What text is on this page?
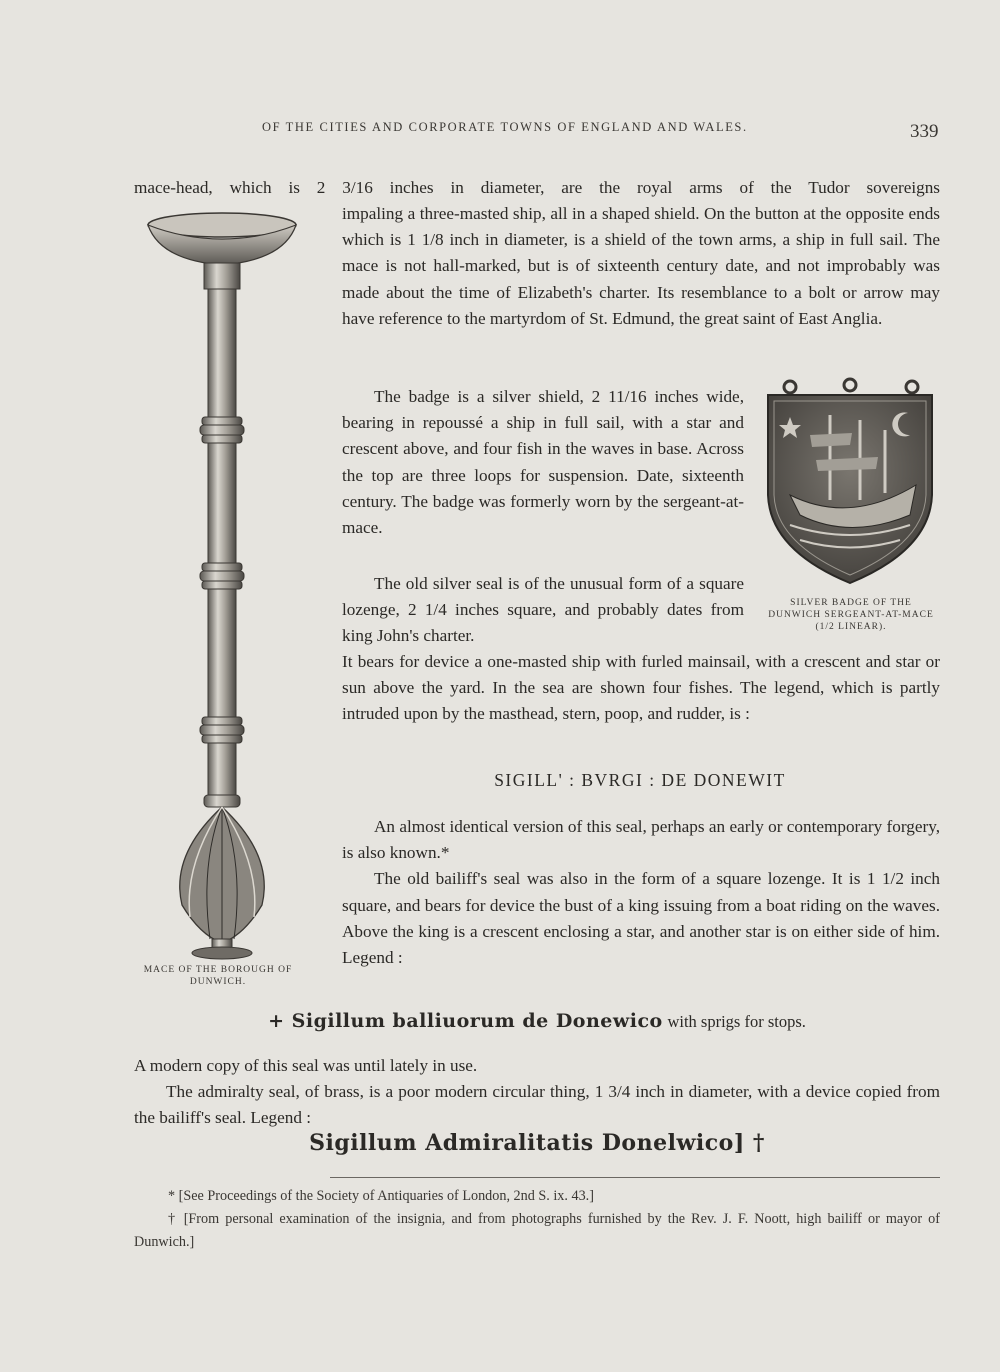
OF THE CITIES AND CORPORATE TOWNS OF ENGLAND AND WALES.	339
mace-head, which is 2 3/16 inches in diameter, are the royal arms of the Tudor sovereigns
impaling a three-masted ship, all in a shaped shield. On the button at the opposite ends which is 1 1/8 inch in diameter, is a shield of the town arms, a ship in full sail. The mace is not hall-marked, but is of sixteenth century date, and not improbably was made about the time of Elizabeth's charter. Its resemblance to a bolt or arrow may have reference to the martyrdom of St. Edmund, the great saint of East Anglia.

The badge is a silver shield, 2 11/16 inches wide, bearing in repoussé a ship in full sail, with a star and crescent above, and four fish in the waves in base. Across the top are three loops for suspension. Date, sixteenth century. The badge was formerly worn by the sergeant-at-mace.

The old silver seal is of the unusual form of a square lozenge, 2 1/4 inches square, and probably dates from king John's charter.

It bears for device a one-masted ship with furled mainsail, with a crescent and star or sun above the yard. In the sea are shown four fishes. The legend, which is partly intruded upon by the masthead, stern, poop, and rudder, is :

SIGILL' : BVRGI : DE DONEWIT

An almost identical version of this seal, perhaps an early or contemporary forgery, is also known.*

The old bailiff's seal was also in the form of a square lozenge. It is 1 1/2 inch square, and bears for device the bust of a king issuing from a boat riding on the waves. Above the king is a crescent enclosing a star, and another star is on either side of him. Legend :

+ Sigillum balliuorum de Donewico with sprigs for stops.

A modern copy of this seal was until lately in use.

The admiralty seal, of brass, is a poor modern circular thing, 1 3/4 inch in diameter, with a device copied from the bailiff's seal. Legend :

Sigillum Admiralitatis Donelwico] †

* [See Proceedings of the Society of Antiquaries of London, 2nd S. ix. 43.]

† [From personal examination of the insignia, and from photographs furnished by the Rev. J. F. Noott, high bailiff or mayor of Dunwich.]

MACE OF THE BOROUGH OF
DUNWICH.
SILVER BADGE OF THE
DUNWICH SERGEANT-AT-MACE
(1/2 LINEAR).
